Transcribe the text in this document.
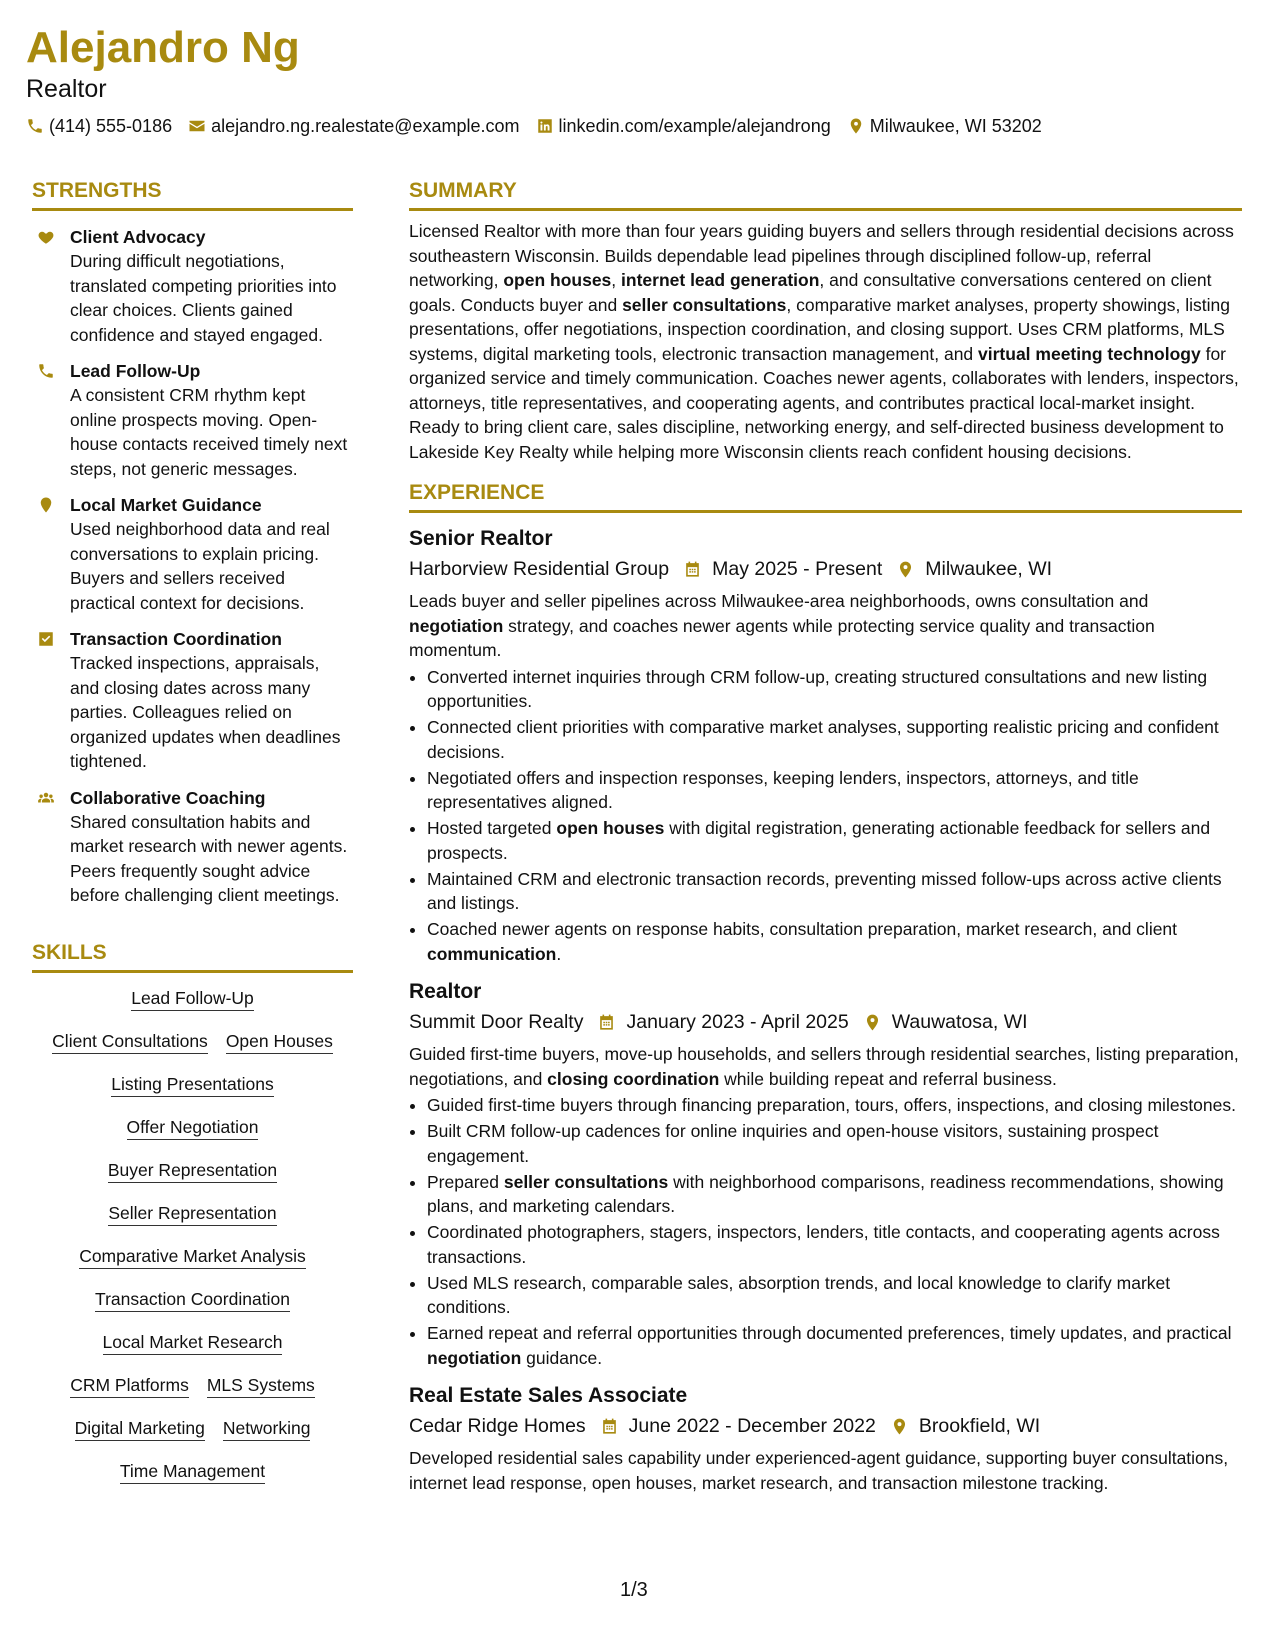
Alejandro Ng
Realtor
(414) 555-0186 alejandro.ng.realestate@example.com linkedin.com/example/alejandrong Milwaukee, WI 53202
STRENGTHS
Client Advocacy
During difficult negotiations, translated competing priorities into clear choices. Clients gained confidence and stayed engaged.
Lead Follow-Up
A consistent CRM rhythm kept online prospects moving. Open-house contacts received timely next steps, not generic messages.
Local Market Guidance
Used neighborhood data and real conversations to explain pricing. Buyers and sellers received practical context for decisions.
Transaction Coordination
Tracked inspections, appraisals, and closing dates across many parties. Colleagues relied on organized updates when deadlines tightened.
Collaborative Coaching
Shared consultation habits and market research with newer agents. Peers frequently sought advice before challenging client meetings.
SKILLS
Lead Follow-Up
Client Consultations Open Houses
Listing Presentations
Offer Negotiation
Buyer Representation
Seller Representation
Comparative Market Analysis
Transaction Coordination
Local Market Research
CRM Platforms MLS Systems
Digital Marketing Networking
Time Management
SUMMARY
Licensed Realtor with more than four years guiding buyers and sellers through residential decisions across southeastern Wisconsin. Builds dependable lead pipelines through disciplined follow-up, referral networking, open houses, internet lead generation, and consultative conversations centered on client goals. Conducts buyer and seller consultations, comparative market analyses, property showings, listing presentations, offer negotiations, inspection coordination, and closing support. Uses CRM platforms, MLS systems, digital marketing tools, electronic transaction management, and virtual meeting technology for organized service and timely communication. Coaches newer agents, collaborates with lenders, inspectors, attorneys, title representatives, and cooperating agents, and contributes practical local-market insight. Ready to bring client care, sales discipline, networking energy, and self-directed business development to Lakeside Key Realty while helping more Wisconsin clients reach confident housing decisions.
EXPERIENCE
Senior Realtor
Harborview Residential Group May 2025 - Present Milwaukee, WI
Leads buyer and seller pipelines across Milwaukee-area neighborhoods, owns consultation and negotiation strategy, and coaches newer agents while protecting service quality and transaction momentum.
• Converted internet inquiries through CRM follow-up, creating structured consultations and new listing opportunities.
• Connected client priorities with comparative market analyses, supporting realistic pricing and confident decisions.
• Negotiated offers and inspection responses, keeping lenders, inspectors, attorneys, and title representatives aligned.
• Hosted targeted open houses with digital registration, generating actionable feedback for sellers and prospects.
• Maintained CRM and electronic transaction records, preventing missed follow-ups across active clients and listings.
• Coached newer agents on response habits, consultation preparation, market research, and client communication.
Realtor
Summit Door Realty January 2023 - April 2025 Wauwatosa, WI
Guided first-time buyers, move-up households, and sellers through residential searches, listing preparation, negotiations, and closing coordination while building repeat and referral business.
• Guided first-time buyers through financing preparation, tours, offers, inspections, and closing milestones.
• Built CRM follow-up cadences for online inquiries and open-house visitors, sustaining prospect engagement.
• Prepared seller consultations with neighborhood comparisons, readiness recommendations, showing plans, and marketing calendars.
• Coordinated photographers, stagers, inspectors, lenders, title contacts, and cooperating agents across transactions.
• Used MLS research, comparable sales, absorption trends, and local knowledge to clarify market conditions.
• Earned repeat and referral opportunities through documented preferences, timely updates, and practical negotiation guidance.
Real Estate Sales Associate
Cedar Ridge Homes June 2022 - December 2022 Brookfield, WI
Developed residential sales capability under experienced-agent guidance, supporting buyer consultations, internet lead response, open houses, market research, and transaction milestone tracking.
1/3
